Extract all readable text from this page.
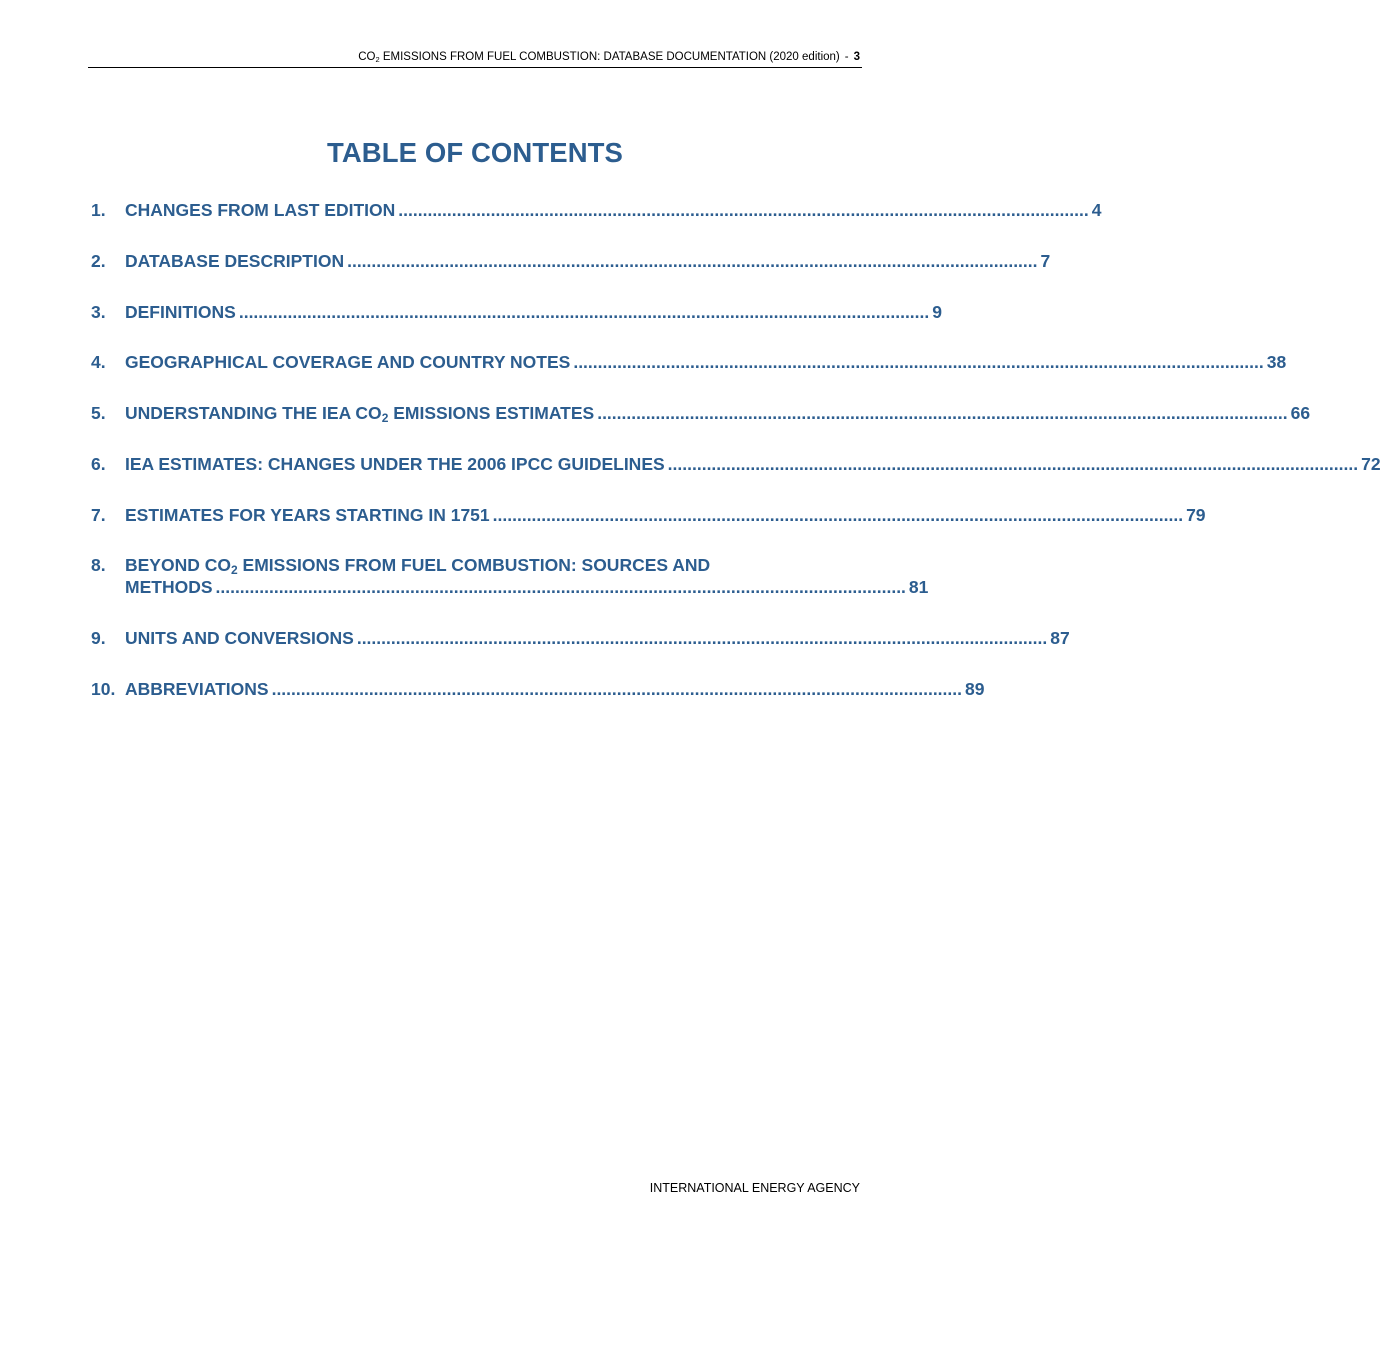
CO2 EMISSIONS FROM FUEL COMBUSTION: DATABASE DOCUMENTATION (2020 edition) - 3
TABLE OF CONTENTS
1. CHANGES FROM LAST EDITION .............................................................................................................................................. 4
2. DATABASE DESCRIPTION .............................................................................................................................................. 7
3. DEFINITIONS .............................................................................................................................................. 9
4. GEOGRAPHICAL COVERAGE AND COUNTRY NOTES .............................................................................................................................................. 38
5. UNDERSTANDING THE IEA $CO_2$ EMISSIONS ESTIMATES .............................................................................................................................................. 66
6. IEA ESTIMATES: CHANGES UNDER THE 2006 IPCC GUIDELINES .............................................................................................................................................. 72
7. ESTIMATES FOR YEARS STARTING IN 1751 .............................................................................................................................................. 79
8. BEYOND $CO_2$ EMISSIONS FROM FUEL COMBUSTION: SOURCES AND
METHODS .............................................................................................................................................. 81
9. UNITS AND CONVERSIONS .............................................................................................................................................. 87
10. ABBREVIATIONS .............................................................................................................................................. 89
INTERNATIONAL ENERGY AGENCY
